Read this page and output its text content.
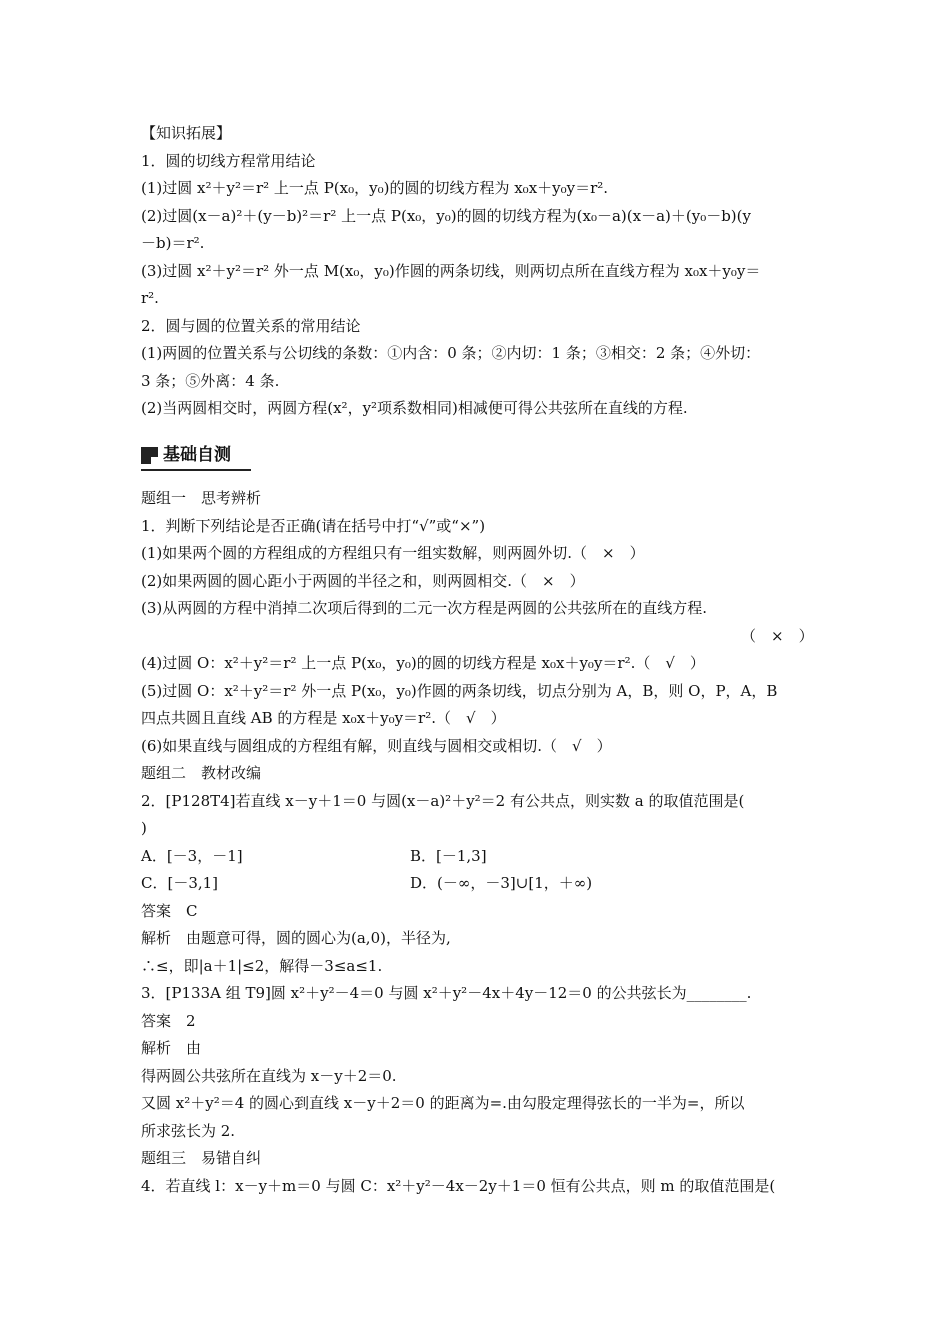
【知识拓展】

1．圆的切线方程常用结论

(1)过圆 x²＋y²＝r² 上一点 P(x₀，y₀)的圆的切线方程为 x₀x＋y₀y＝r².

(2)过圆(x－a)²＋(y－b)²＝r² 上一点 P(x₀，y₀)的圆的切线方程为(x₀－a)(x－a)＋(y₀－b)(y

－b)＝r².

(3)过圆 x²＋y²＝r² 外一点 M(x₀，y₀)作圆的两条切线，则两切点所在直线方程为 x₀x＋y₀y＝

r².

2．圆与圆的位置关系的常用结论

(1)两圆的位置关系与公切线的条数：①内含：0 条；②内切：1 条；③相交：2 条；④外切：

3 条；⑤外离：4 条.

(2)当两圆相交时，两圆方程(x²，y²项系数相同)相减便可得公共弦所在直线的方程.

基础自测

题组一　思考辨析

1．判断下列结论是否正确(请在括号中打“√”或“×”)

(1)如果两个圆的方程组成的方程组只有一组实数解，则两圆外切.（　×　）

(2)如果两圆的圆心距小于两圆的半径之和，则两圆相交.（　×　）

(3)从两圆的方程中消掉二次项后得到的二元一次方程是两圆的公共弦所在的直线方程.

（　×　）

(4)过圆 O：x²＋y²＝r² 上一点 P(x₀，y₀)的圆的切线方程是 x₀x＋y₀y＝r².（　√　）

(5)过圆 O：x²＋y²＝r² 外一点 P(x₀，y₀)作圆的两条切线，切点分别为 A，B，则 O，P，A，B

四点共圆且直线 AB 的方程是 x₀x＋y₀y＝r².（　√　）

(6)如果直线与圆组成的方程组有解，则直线与圆相交或相切.（　√　）

题组二　教材改编

2．[P128T4]若直线 x－y＋1＝0 与圆(x－a)²＋y²＝2 有公共点，则实数 a 的取值范围是(

)

A．[－3，－1]	B．[－1,3]

C．[－3,1]	D．(－∞，－3]∪[1，＋∞)

答案　C

解析　由题意可得，圆的圆心为(a,0)，半径为,

∴≤，即|a＋1|≤2，解得－3≤a≤1.

3．[P133A 组 T9]圆 x²＋y²－4＝0 与圆 x²＋y²－4x＋4y－12＝0 的公共弦长为________.

答案　2

解析　由

得两圆公共弦所在直线为 x－y＋2＝0.

又圆 x²＋y²＝4 的圆心到直线 x－y＋2＝0 的距离为=.由勾股定理得弦长的一半为=，所以

所求弦长为 2.

题组三　易错自纠

4．若直线 l：x－y＋m＝0 与圆 C：x²＋y²－4x－2y＋1＝0 恒有公共点，则 m 的取值范围是(
